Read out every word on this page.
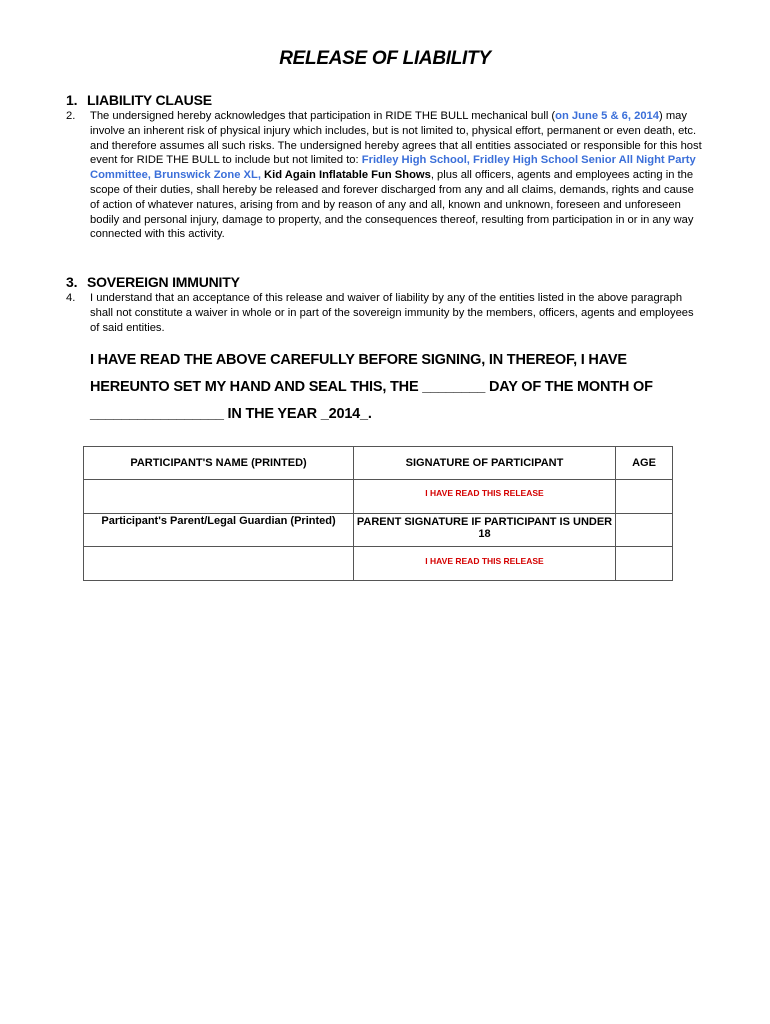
RELEASE OF LIABILITY
1. LIABILITY CLAUSE
2. The undersigned hereby acknowledges that participation in RIDE THE BULL mechanical bull (on June 5 & 6, 2014) may involve an inherent risk of physical injury which includes, but is not limited to, physical effort, permanent or even death, etc. and therefore assumes all such risks. The undersigned hereby agrees that all entities associated or responsible for this host event for RIDE THE BULL to include but not limited to: Fridley High School, Fridley High School Senior All Night Party Committee, Brunswick Zone XL, Kid Again Inflatable Fun Shows, plus all officers, agents and employees acting in the scope of their duties, shall hereby be released and forever discharged from any and all claims, demands, rights and cause of action of whatever natures, arising from and by reason of any and all, known and unknown, foreseen and unforeseen bodily and personal injury, damage to property, and the consequences thereof, resulting from participation in or in any way connected with this activity.
3. SOVEREIGN IMMUNITY
4. I understand that an acceptance of this release and waiver of liability by any of the entities listed in the above paragraph shall not constitute a waiver in whole or in part of the sovereign immunity by the members, officers, agents and employees of said entities.
I HAVE READ THE ABOVE CAREFULLY BEFORE SIGNING, IN THEREOF, I HAVE
HEREUNTO SET MY HAND AND SEAL THIS, THE ________ DAY OF THE MONTH OF
_________________ IN THE YEAR _2014_.
PARTICIPANT'S NAME (PRINTED)	SIGNATURE OF PARTICIPANT	AGE

	I HAVE READ THIS RELEASE	

Participant's Parent/Legal Guardian (Printed)	PARENT SIGNATURE IF PARTICIPANT IS UNDER 18	

	I HAVE READ THIS RELEASE	
